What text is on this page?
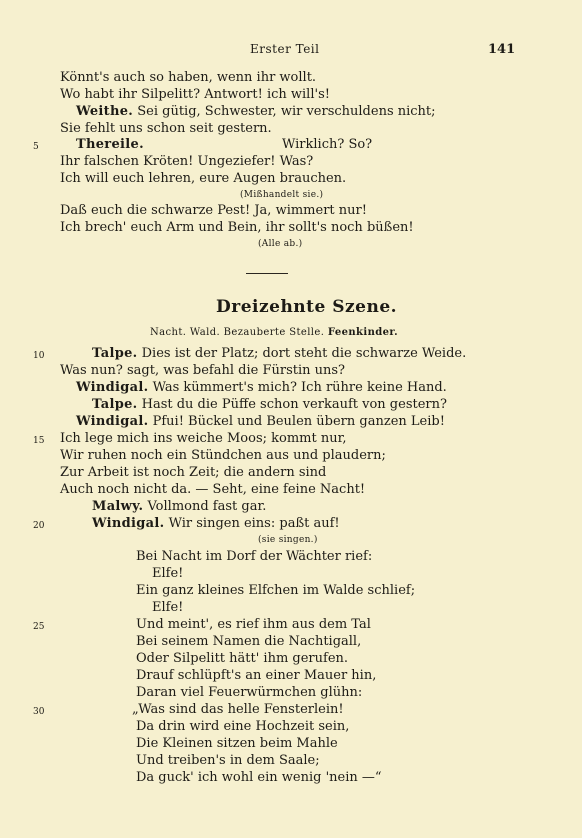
Erster Teil	141
Könnt's auch so haben, wenn ihr wollt.
Wo habt ihr Silpelitt? Antwort! ich will's!
Weithe. Sei gütig, Schwester, wir verschuldens nicht;
Sie fehlt uns schon seit gestern.
Thereile.	Wirklich? So?
Ihr falschen Kröten! Ungeziefer! Was?
Ich will euch lehren, eure Augen brauchen.
(Mißhandelt sie.)
Daß euch die schwarze Pest! Ja, wimmert nur!
Ich brech' euch Arm und Bein, ihr sollt's noch büßen!
(Alle ab.)
Dreizehnte Szene.
Nacht. Wald. Bezauberte Stelle. Feenkinder.
Talpe. Dies ist der Platz; dort steht die schwarze Weide.
Was nun? sagt, was befahl die Fürstin uns?
Windigal. Was kümmert's mich? Ich rühre keine Hand.
Talpe. Hast du die Püffe schon verkauft von gestern?
Windigal. Pfui! Bückel und Beulen übern ganzen Leib!
Ich lege mich ins weiche Moos; kommt nur,
Wir ruhen noch ein Stündchen aus und plaudern;
Zur Arbeit ist noch Zeit; die andern sind
Auch noch nicht da. — Seht, eine feine Nacht!
Malwy. Vollmond fast gar.
Windigal. Wir singen eins: paßt auf!
(sie singen.)
Bei Nacht im Dorf der Wächter rief:
Elfe!
Ein ganz kleines Elfchen im Walde schlief;
Elfe!
Und meint', es rief ihm aus dem Tal
Bei seinem Namen die Nachtigall,
Oder Silpelitt hätt' ihm gerufen.
Drauf schlüpft's an einer Mauer hin,
Daran viel Feuerwürmchen glühn:
„Was sind das helle Fensterlein!
Da drin wird eine Hochzeit sein,
Die Kleinen sitzen beim Mahle
Und treiben's in dem Saale;
Da guck' ich wohl ein wenig 'nein —“
5
10
15
20
25
30
